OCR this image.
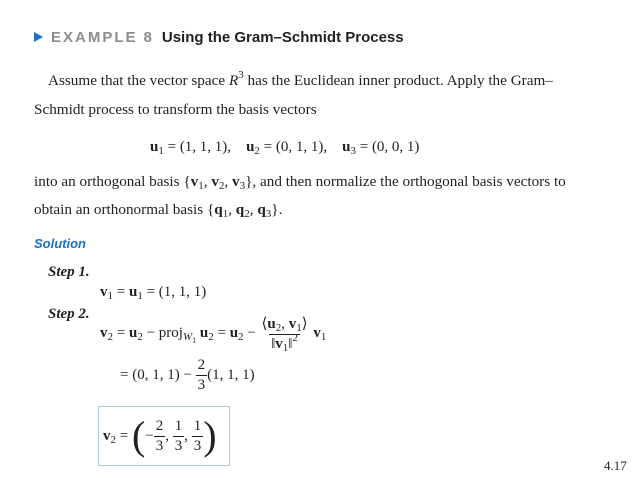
EXAMPLE 8 Using the Gram–Schmidt Process
Assume that the vector space $R^3$ has the Euclidean inner product. Apply the Gram–
Schmidt process to transform the basis vectors
$u_1 = (1$, 1, 1), $u_2 = (0$, 1, 1), $u_3 = (0$, 0, 1)
into an orthogonal basis {$v_1$, $v_2$, $v_3$}, and then normalize the orthogonal basis vectors to
obtain an orthonormal basis {$q_1$, $q_2$, $q_3$}.
Solution
Step 1.
$v_1 = u_1 = (1$, 1, 1)
Step 2.
$v_2 = u_2$ − proj$_{W_1}$ $u_2 = u_2 - \frac{⟨u_2, v_1⟩}{‖v_1‖^2} v_1$
= (0, 1, 1) −
$\frac{2}{3} (1$, 1, 1)
$v_2$ = ( − $\frac{2}{3}$ , $\frac{1}{3}$ , $\frac{1}{3}$ )
4.17
